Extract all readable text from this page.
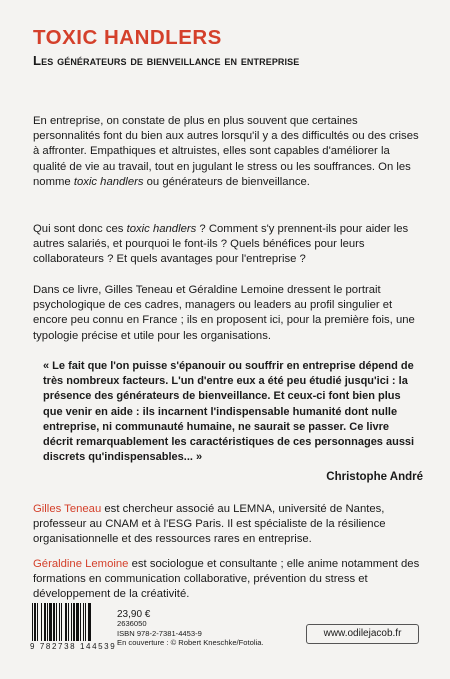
TOXIC HANDLERS
Les générateurs de bienveillance en entreprise

En entreprise, on constate de plus en plus souvent que certaines personnalités font du bien aux autres lorsqu'il y a des difficultés ou des crises à affronter. Empathiques et altruistes, elles sont capables d'améliorer la qualité de vie au travail, tout en jugulant le stress ou les souffrances. On les nomme toxic handlers ou générateurs de bienveillance.

Qui sont donc ces toxic handlers ? Comment s'y prennent-ils pour aider les autres salariés, et pourquoi le font-ils ? Quels bénéfices pour leurs collaborateurs ? Et quels avantages pour l'entreprise ?

Dans ce livre, Gilles Teneau et Géraldine Lemoine dressent le portrait psychologique de ces cadres, managers ou leaders au profil singulier et encore peu connu en France ; ils en proposent ici, pour la première fois, une typologie précise et utile pour les organisations.

« Le fait que l'on puisse s'épanouir ou souffrir en entreprise dépend de très nombreux facteurs. L'un d'entre eux a été peu étudié jusqu'ici : la présence des générateurs de bienveillance. Et ceux-ci font bien plus que venir en aide : ils incarnent l'indispensable humanité dont nulle entreprise, ni communauté humaine, ne saurait se passer. Ce livre décrit remarquablement les caractéristiques de ces personnages aussi discrets qu'indispensables... »

Christophe André

Gilles Teneau est chercheur associé au LEMNA, université de Nantes, professeur au CNAM et à l'ESG Paris. Il est spécialiste de la résilience organisationnelle et des ressources rares en entreprise.

Géraldine Lemoine est sociologue et consultante ; elle anime notamment des formations en communication collaborative, prévention du stress et développement de la créativité.

9 782738 144539
23,90 €
2636050
ISBN 978-2-7381-4453-9
En couverture : © Robert Kneschke/Fotolia.
www.odilejacob.fr
